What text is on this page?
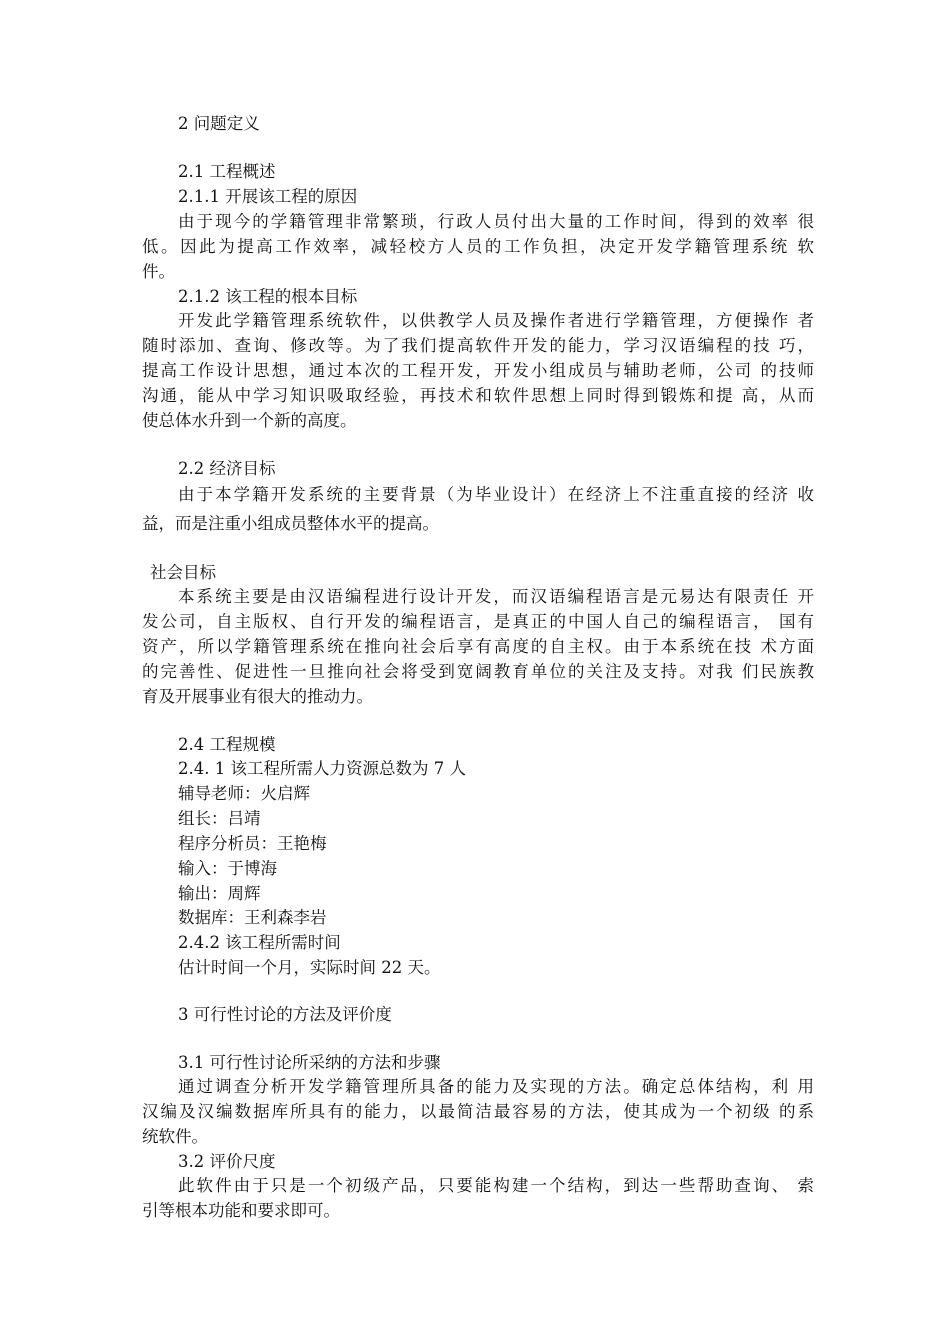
2 问题定义
2.1 工程概述
2.1.1 开展该工程的原因
由于现今的学籍管理非常繁琐，行政人员付出大量的工作时间，得到的效率 很
低。因此为提高工作效率，减轻校方人员的工作负担，决定开发学籍管理系统 软
件。
2.1.2 该工程的根本目标
开发此学籍管理系统软件，以供教学人员及操作者进行学籍管理，方便操作 者
随时添加、查询、修改等。为了我们提高软件开发的能力，学习汉语编程的技 巧，
提高工作设计思想，通过本次的工程开发，开发小组成员与辅助老师，公司 的技师
沟通，能从中学习知识吸取经验，再技术和软件思想上同时得到锻炼和提 高，从而
使总体水升到一个新的高度。
2.2 经济目标
由于本学籍开发系统的主要背景（为毕业设计）在经济上不注重直接的经济 收
益，而是注重小组成员整体水平的提高。
社会目标
本系统主要是由汉语编程进行设计开发，而汉语编程语言是元易达有限责任 开
发公司，自主版权、自行开发的编程语言，是真正的中国人自己的编程语言， 国有
资产，所以学籍管理系统在推向社会后享有高度的自主权。由于本系统在技 术方面
的完善性、促进性一旦推向社会将受到宽阔教育单位的关注及支持。对我 们民族教
育及开展事业有很大的推动力。
2.4 工程规模
2.4. 1 该工程所需人力资源总数为 7 人
辅导老师：火启辉
组长：吕靖
程序分析员：王艳梅
输入：于博海
输出：周辉
数据库：王利森李岩
2.4.2 该工程所需时间
估计时间一个月，实际时间 22 天。
3 可行性讨论的方法及评价度
3.1 可行性讨论所采纳的方法和步骤
通过调查分析开发学籍管理所具备的能力及实现的方法。确定总体结构，利 用
汉编及汉编数据库所具有的能力，以最简洁最容易的方法，使其成为一个初级 的系
统软件。
3.2 评价尺度
此软件由于只是一个初级产品，只要能构建一个结构，到达一些帮助查询、 索
引等根本功能和要求即可。
